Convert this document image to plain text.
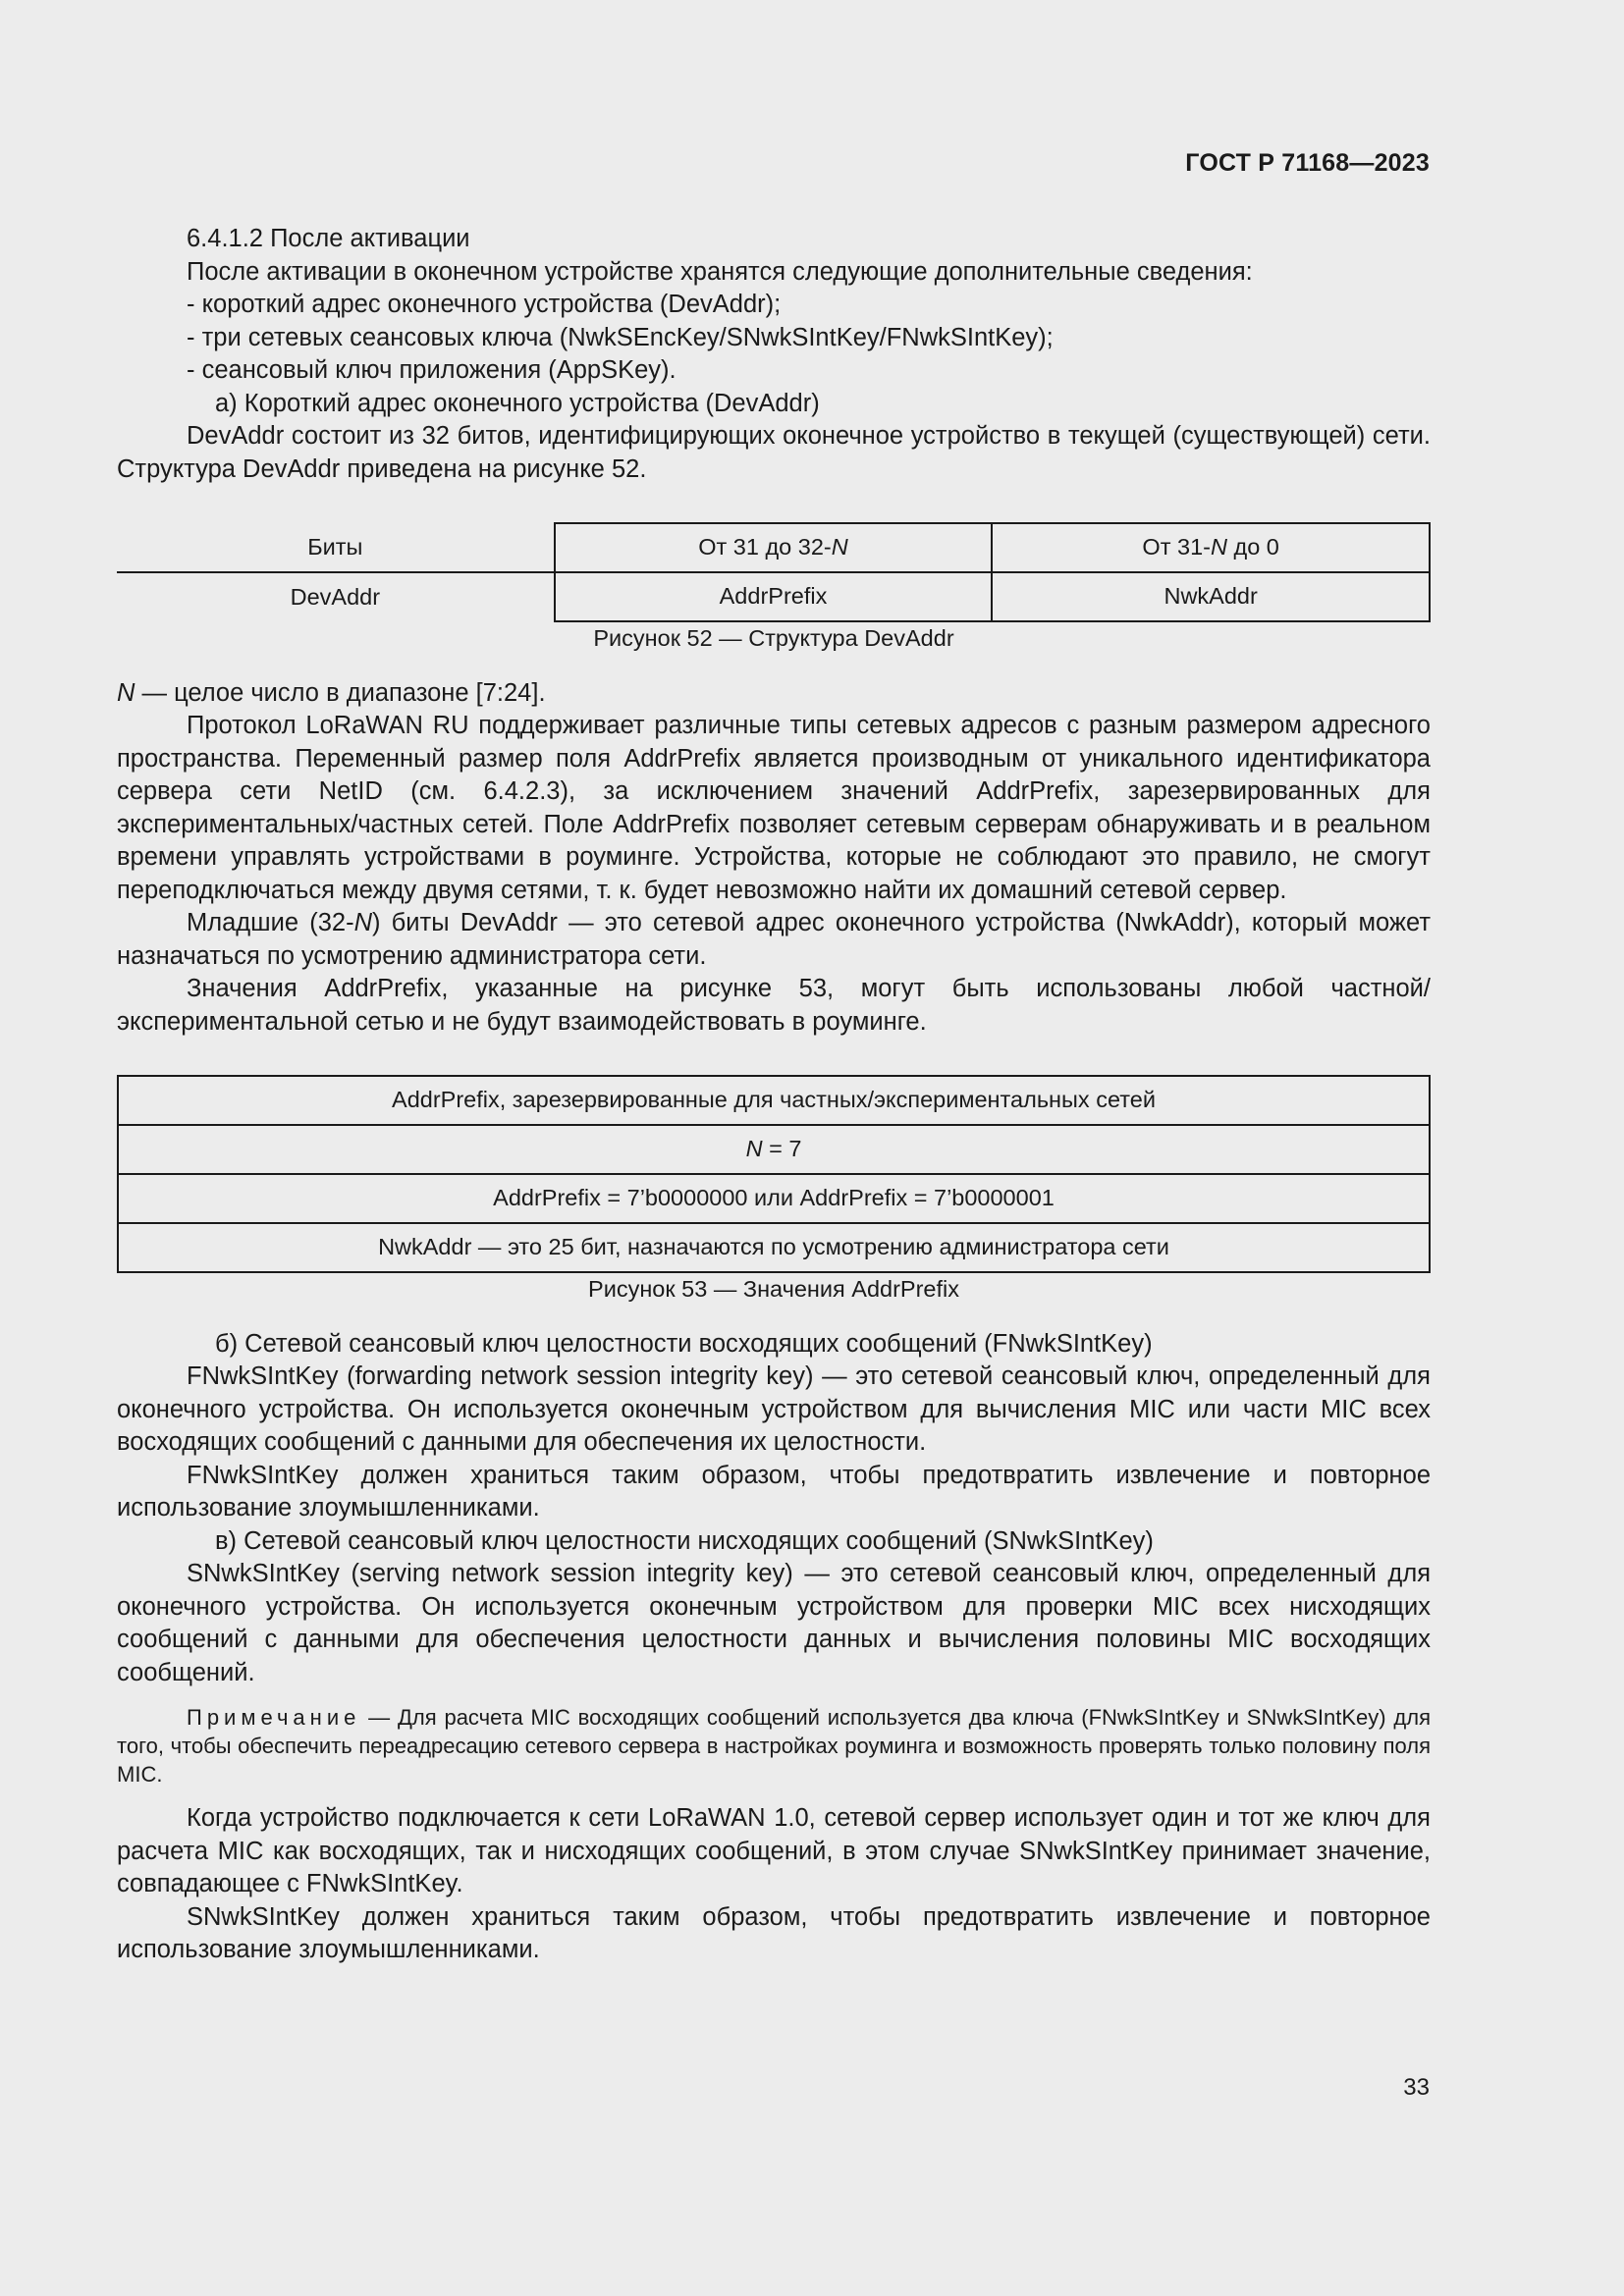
ГОСТ Р 71168—2023

6.4.1.2 После активации

После активации в оконечном устройстве хранятся следующие дополнительные сведения:

- короткий адрес оконечного устройства (DevAddr);

- три сетевых сеансовых ключа (NwkSEncKey/SNwkSIntKey/FNwkSIntKey);

- сеансовый ключ приложения (AppSKey).

а) Короткий адрес оконечного устройства (DevAddr)

DevAddr состоит из 32 битов, идентифицирующих оконечное устройство в текущей (существующей) сети. Структура DevAddr приведена на рисунке 52.

Биты	От 31 до 32-N	От 31-N до 0
DevAddr	AddrPrefix	NwkAddr

Рисунок 52 — Структура DevAddr

N — целое число в диапазоне [7:24].

Протокол LoRaWAN RU поддерживает различные типы сетевых адресов с разным размером адресного пространства. Переменный размер поля AddrPrefix является производным от уникального идентификатора сервера сети NetID (см. 6.4.2.3), за исключением значений AddrPrefix, зарезервированных для экспериментальных/частных сетей. Поле AddrPrefix позволяет сетевым серверам обнаруживать и в реальном времени управлять устройствами в роуминге. Устройства, которые не соблюдают это правило, не смогут переподключаться между двумя сетями, т. к. будет невозможно найти их домашний сетевой сервер.

Младшие (32-N) биты DevAddr — это сетевой адрес оконечного устройства (NwkAddr), который может назначаться по усмотрению администратора сети.

Значения AddrPrefix, указанные на рисунке 53, могут быть использованы любой частной/экспериментальной сетью и не будут взаимодействовать в роуминге.

AddrPrefix, зарезервированные для частных/экспериментальных сетей
N = 7
AddrPrefix = 7’b0000000 или AddrPrefix = 7’b0000001
NwkAddr — это 25 бит, назначаются по усмотрению администратора сети

Рисунок 53 — Значения AddrPrefix

б) Сетевой сеансовый ключ целостности восходящих сообщений (FNwkSIntKey)

FNwkSIntKey (forwarding network session integrity key) — это сетевой сеансовый ключ, определенный для оконечного устройства. Он используется оконечным устройством для вычисления MIC или части MIC всех восходящих сообщений с данными для обеспечения их целостности.

FNwkSIntKey должен храниться таким образом, чтобы предотвратить извлечение и повторное использование злоумышленниками.

в) Сетевой сеансовый ключ целостности нисходящих сообщений (SNwkSIntKey)

SNwkSIntKey (serving network session integrity key) — это сетевой сеансовый ключ, определенный для оконечного устройства. Он используется оконечным устройством для проверки MIC всех нисходящих сообщений с данными для обеспечения целостности данных и вычисления половины MIC восходящих сообщений.

Примечание — Для расчета MIC восходящих сообщений используется два ключа (FNwkSIntKey и SNwkSIntKey) для того, чтобы обеспечить переадресацию сетевого сервера в настройках роуминга и возможность проверять только половину поля MIC.

Когда устройство подключается к сети LoRaWAN 1.0, сетевой сервер использует один и тот же ключ для расчета MIC как восходящих, так и нисходящих сообщений, в этом случае SNwkSIntKey принимает значение, совпадающее с FNwkSIntKey.

SNwkSIntKey должен храниться таким образом, чтобы предотвратить извлечение и повторное использование злоумышленниками.

33
